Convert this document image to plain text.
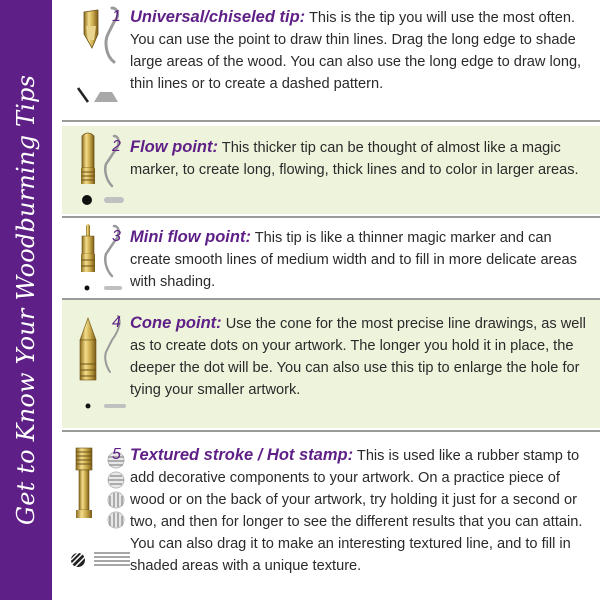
Get to Know Your Woodburning Tips
1
2
3
4
5
Universal/chiseled tip: This is the tip you will use the most often. You can use the point to draw thin lines. Drag the long edge to shade large areas of the wood. You can also use the long edge to draw long, thin lines or to create a dashed pattern.
Flow point: This thicker tip can be thought of almost like a magic marker, to create long, flowing, thick lines and to color in larger areas.
Mini flow point: This tip is like a thinner magic marker and can create smooth lines of medium width and to fill in more delicate areas with shading.
Cone point: Use the cone for the most precise line drawings, as well as to create dots on your artwork. The longer you hold it in place, the deeper the dot will be. You can also use this tip to enlarge the hole for tying your smaller artwork.
Textured stroke / Hot stamp: This is used like a rubber stamp to add decorative components to your artwork. On a practice piece of wood or on the back of your artwork, try holding it just for a second or two, and then for longer to see the different results that you can attain. You can also drag it to make an interesting textured line, and to fill in shaded areas with a unique texture.
